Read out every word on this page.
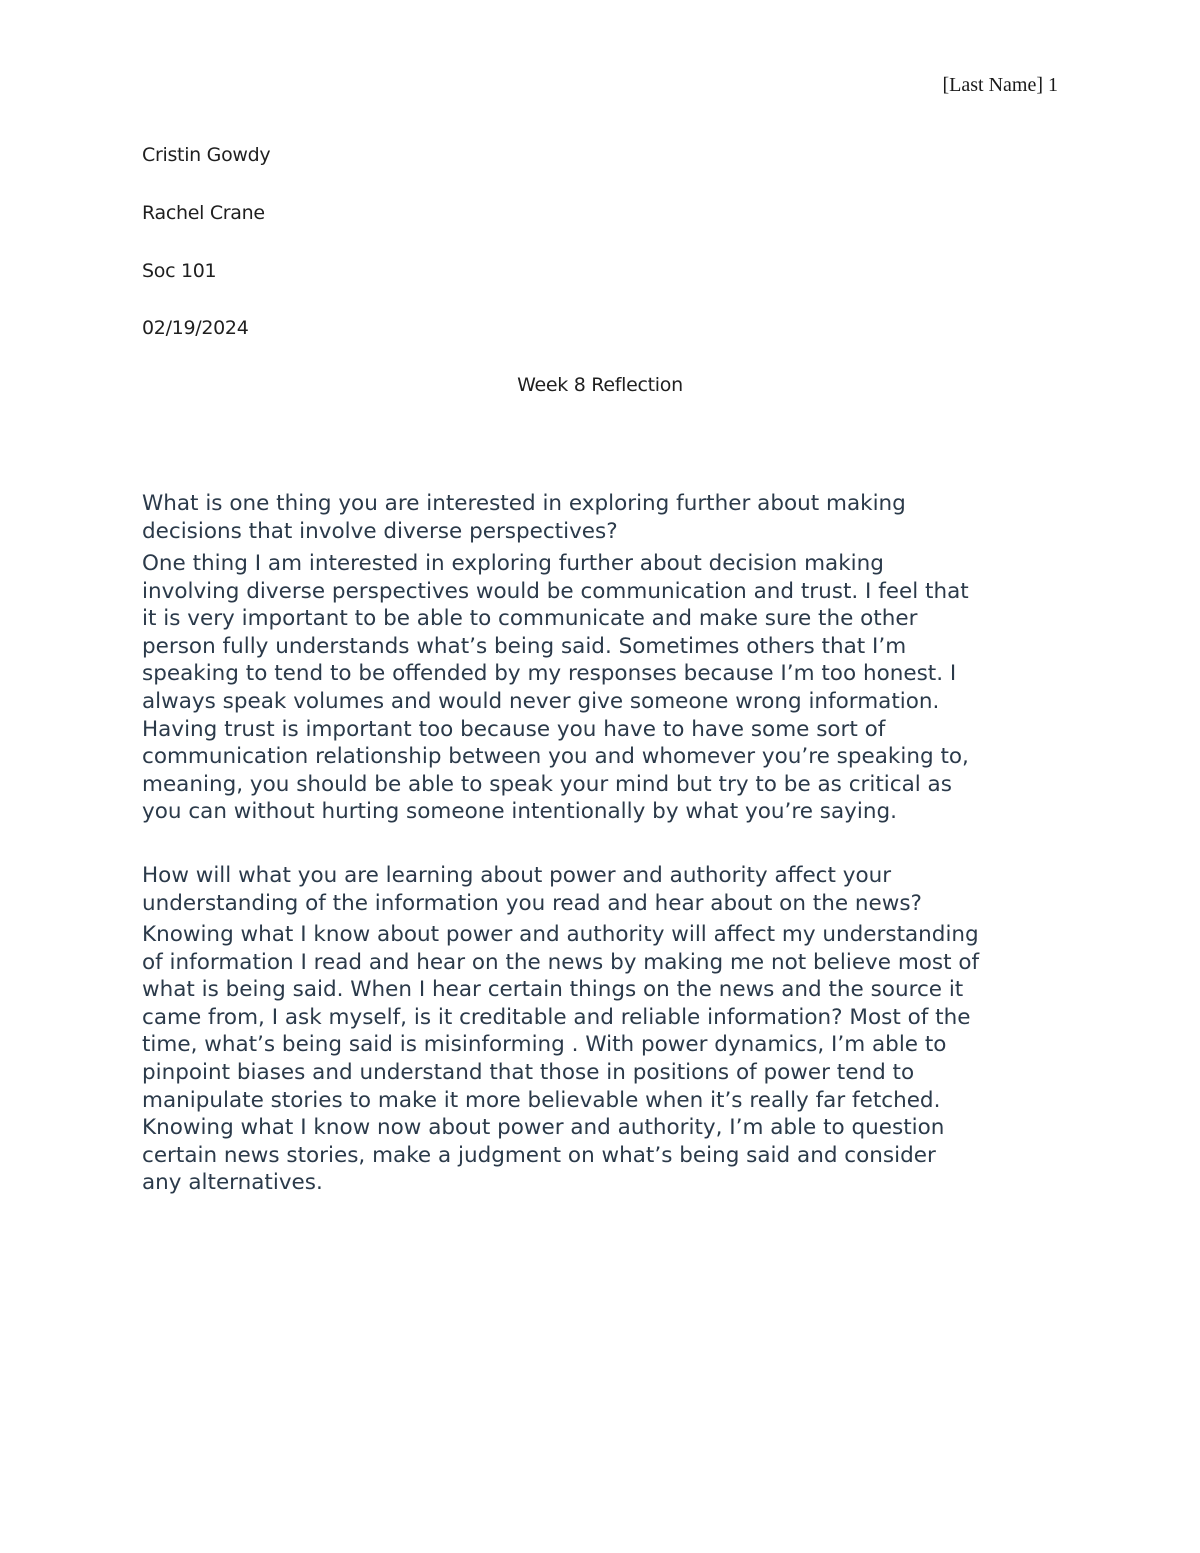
[Last Name] 1
Cristin Gowdy
Rachel Crane
Soc 101
02/19/2024
Week 8 Reflection
What is one thing you are interested in exploring further about making
decisions that involve diverse perspectives?
One thing I am interested in exploring further about decision making
involving diverse perspectives would be communication and trust. I feel that
it is very important to be able to communicate and make sure the other
person fully understands what’s being said. Sometimes others that I’m
speaking to tend to be offended by my responses because I’m too honest. I
always speak volumes and would never give someone wrong information.
Having trust is important too because you have to have some sort of
communication relationship between you and whomever you’re speaking to,
meaning, you should be able to speak your mind but try to be as critical as
you can without hurting someone intentionally by what you’re saying.
How will what you are learning about power and authority affect your
understanding of the information you read and hear about on the news?
Knowing what I know about power and authority will affect my understanding
of information I read and hear on the news by making me not believe most of
what is being said. When I hear certain things on the news and the source it
came from, I ask myself, is it creditable and reliable information? Most of the
time, what’s being said is misinforming . With power dynamics, I’m able to
pinpoint biases and understand that those in positions of power tend to
manipulate stories to make it more believable when it’s really far fetched.
Knowing what I know now about power and authority, I’m able to question
certain news stories, make a judgment on what’s being said and consider
any alternatives.
